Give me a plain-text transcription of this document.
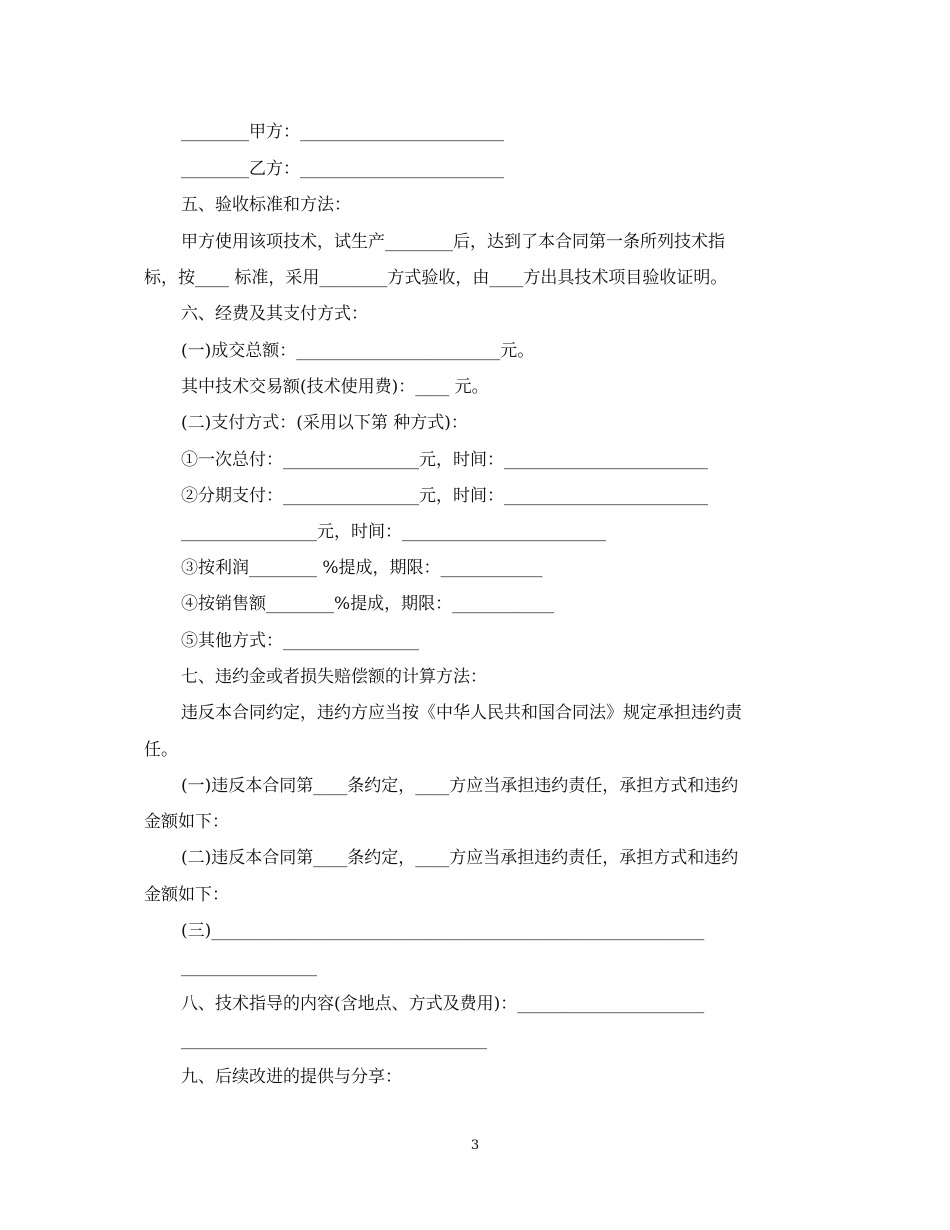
________甲方：________________________
________乙方：________________________
五、验收标准和方法：
甲方使用该项技术，试生产________后，达到了本合同第一条所列技术指
标，按____ 标准，采用________方式验收，由____方出具技术项目验收证明。
六、经费及其支付方式：
(一)成交总额：________________________元。
其中技术交易额(技术使用费)：____ 元。
(二)支付方式：(采用以下第 种方式)：
①一次总付：________________元，时间：________________________
②分期支付：________________元，时间：________________________
________________元，时间：________________________
③按利润________ %提成，期限：____________
④按销售额________%提成，期限：____________
⑤其他方式：________________
七、违约金或者损失赔偿额的计算方法：
违反本合同约定，违约方应当按《中华人民共和国合同法》规定承担违约责
任。
(一)违反本合同第____条约定，____方应当承担违约责任，承担方式和违约
金额如下：
(二)违反本合同第____条约定，____方应当承担违约责任，承担方式和违约
金额如下：
(三)__________________________________________________________
________________
八、技术指导的内容(含地点、方式及费用)：______________________
____________________________________
九、后续改进的提供与分享：
3
